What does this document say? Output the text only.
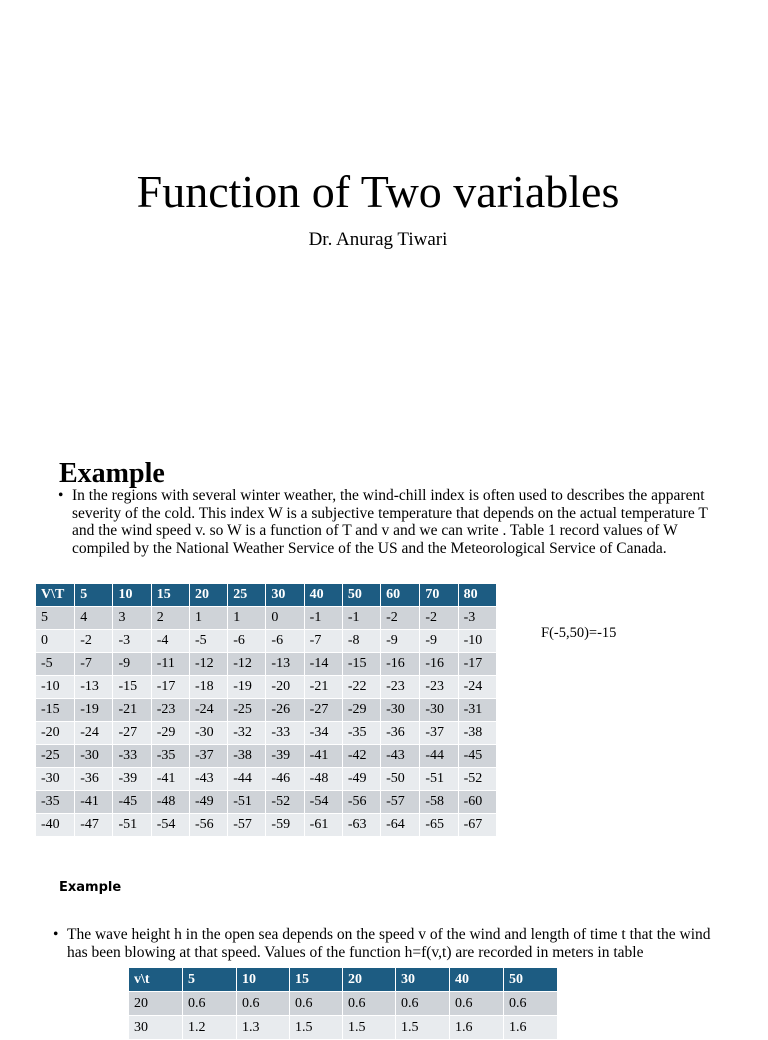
Function of Two variables
Dr. Anurag Tiwari
Example
• In the regions with several winter weather, the wind-chill index is often used to describes the apparent severity of the cold. This index W is a subjective temperature that depends on the actual temperature T and the wind speed v. so W is a function of T and v and we can write . Table 1 record values of W compiled by the National Weather Service of the US and the Meteorological Service of Canada.
V\T	5	10	15	20	25	30	40	50	60	70	80
5	4	3	2	1	1	0	-1	-1	-2	-2	-3
0	-2	-3	-4	-5	-6	-6	-7	-8	-9	-9	-10
-5	-7	-9	-11	-12	-12	-13	-14	-15	-16	-16	-17
-10	-13	-15	-17	-18	-19	-20	-21	-22	-23	-23	-24
-15	-19	-21	-23	-24	-25	-26	-27	-29	-30	-30	-31
-20	-24	-27	-29	-30	-32	-33	-34	-35	-36	-37	-38
-25	-30	-33	-35	-37	-38	-39	-41	-42	-43	-44	-45
-30	-36	-39	-41	-43	-44	-46	-48	-49	-50	-51	-52
-35	-41	-45	-48	-49	-51	-52	-54	-56	-57	-58	-60
-40	-47	-51	-54	-56	-57	-59	-61	-63	-64	-65	-67
F(-5,50)=-15
Example
• The wave height h in the open sea depends on the speed v of the wind and length of time t that the wind has been blowing at that speed. Values of the function h=f(v,t) are recorded in meters in table
v\t	5	10	15	20	30	40	50
20	0.6	0.6	0.6	0.6	0.6	0.6	0.6
30	1.2	1.3	1.5	1.5	1.5	1.6	1.6
